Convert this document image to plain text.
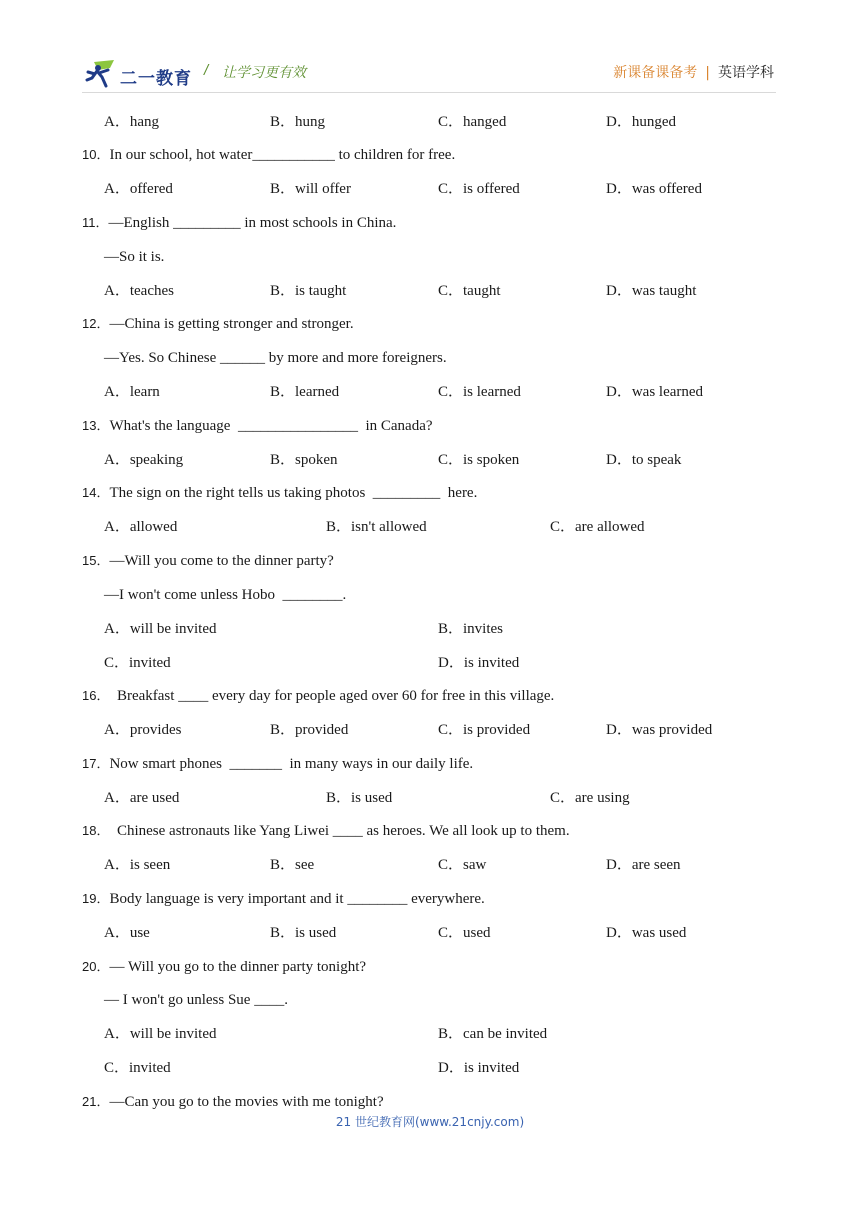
二一教育 / 让学习更有效	新课备课备考 | 英语学科
A．hang	B．hung	C．hanged	D．hunged
10．In our school, hot water___________ to children for free.
A．offered	B．will offer	C．is offered	D．was offered
11．—English _________ in most schools in China.
—So it is.
A．teaches	B．is taught	C．taught	D．was taught
12．—China is getting stronger and stronger.
—Yes. So Chinese ______ by more and more foreigners.
A．learn	B．learned	C．is learned	D．was learned
13．What's the language  ________________  in Canada?
A．speaking	B．spoken	C．is spoken	D．to speak
14．The sign on the right tells us taking photos  _________  here.
A．allowed	B．isn't allowed	C．are allowed
15．—Will you come to the dinner party?
—I won't come unless Hobo  ________.
A．will be invited	B．invites
C．invited	D．is invited
16．  Breakfast ____ every day for people aged over 60 for free in this village.
A．provides	B．provided	C．is provided	D．was provided
17．Now smart phones  _______  in many ways in our daily life.
A．are used	B．is used	C．are using
18．  Chinese astronauts like Yang Liwei ____ as heroes. We all look up to them.
A．is seen	B．see	C．saw	D．are seen
19．Body language is very important and it ________ everywhere.
A．use	B．is used	C．used	D．was used
20．— Will you go to the dinner party tonight?
— I won't go unless Sue ____.
A．will be invited	B．can be invited
C．invited	D．is invited
21．—Can you go to the movies with me tonight?
21 世纪教育网(www.21cnjy.com)
